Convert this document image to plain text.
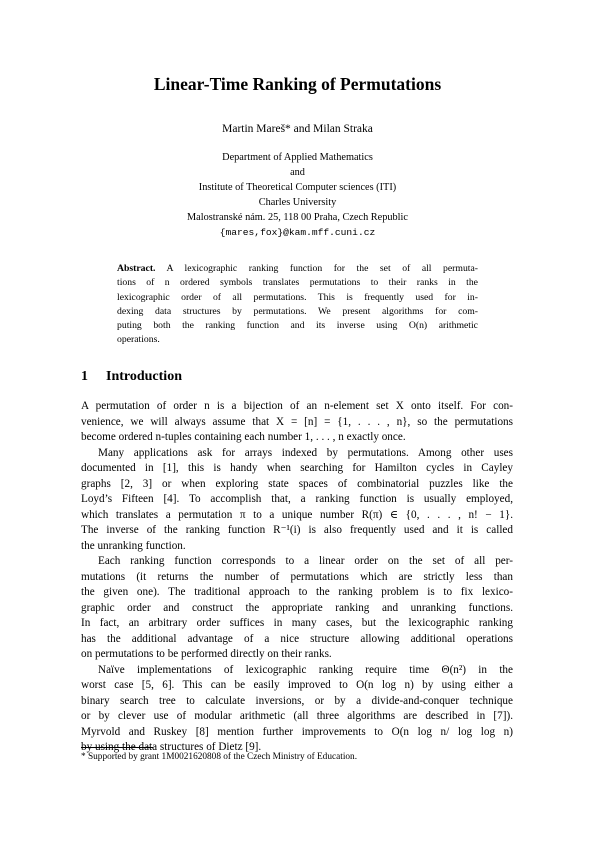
Linear-Time Ranking of Permutations
Martin Mareš* and Milan Straka
Department of Applied Mathematics
and
Institute of Theoretical Computer sciences (ITI)
Charles University
Malostranské nám. 25, 118 00 Praha, Czech Republic
{mares,fox}@kam.mff.cuni.cz
Abstract. A lexicographic ranking function for the set of all permuta-
tions of n ordered symbols translates permutations to their ranks in the
lexicographic order of all permutations. This is frequently used for in-
dexing data structures by permutations. We present algorithms for com-
puting both the ranking function and its inverse using O(n) arithmetic
operations.
1 Introduction
A permutation of order n is a bijection of an n-element set X onto itself. For con-
venience, we will always assume that X = [n] = {1, . . . , n}, so the permutations
become ordered n-tuples containing each number 1, . . . , n exactly once.
Many applications ask for arrays indexed by permutations. Among other uses
documented in [1], this is handy when searching for Hamilton cycles in Cayley
graphs [2, 3] or when exploring state spaces of combinatorial puzzles like the
Loyd’s Fifteen [4]. To accomplish that, a ranking function is usually employed,
which translates a permutation π to a unique number R(π) ∈ {0, . . . , n! − 1}.
The inverse of the ranking function R⁻¹(i) is also frequently used and it is called
the unranking function.
Each ranking function corresponds to a linear order on the set of all per-
mutations (it returns the number of permutations which are strictly less than
the given one). The traditional approach to the ranking problem is to fix lexico-
graphic order and construct the appropriate ranking and unranking functions.
In fact, an arbitrary order suffices in many cases, but the lexicographic ranking
has the additional advantage of a nice structure allowing additional operations
on permutations to be performed directly on their ranks.
Naïve implementations of lexicographic ranking require time Θ(n²) in the
worst case [5, 6]. This can be easily improved to O(n log n) by using either a
binary search tree to calculate inversions, or by a divide-and-conquer technique
or by clever use of modular arithmetic (all three algorithms are described in [7]).
Myrvold and Ruskey [8] mention further improvements to O(n log n/ log log n)
by using the data structures of Dietz [9].
* Supported by grant 1M0021620808 of the Czech Ministry of Education.
